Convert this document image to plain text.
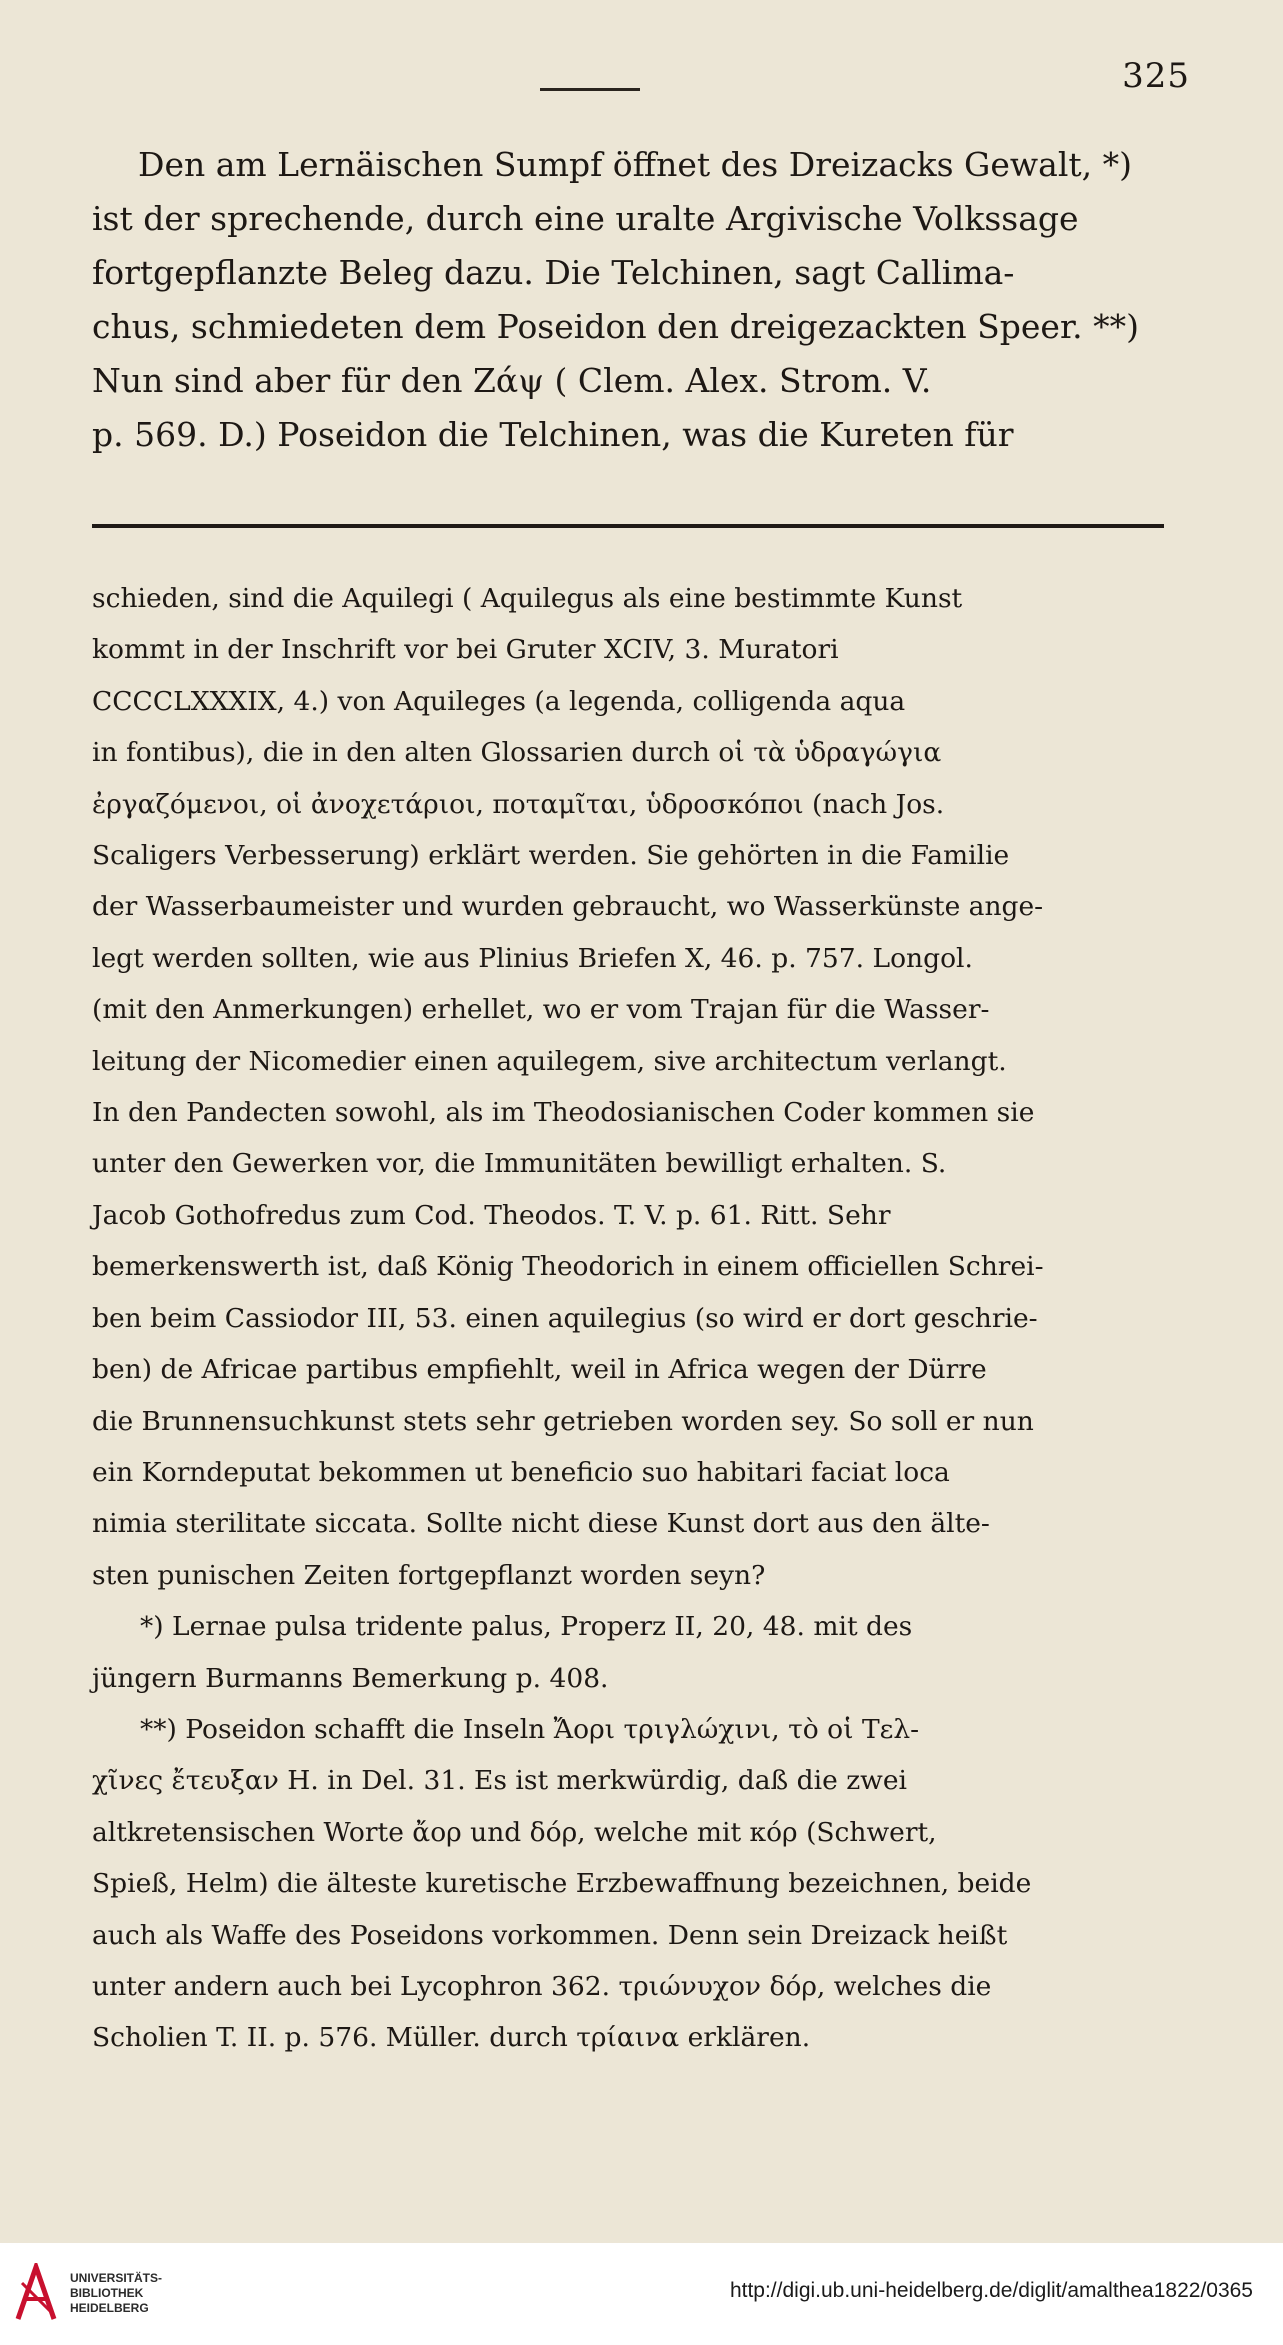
325
Den am Lernäischen Sumpf öffnet des Dreizacks Gewalt, *)
ist der sprechende, durch eine uralte Argivische Volkssage
fortgepflanzte Beleg dazu. Die Telchinen, sagt Callima-
chus, schmiedeten dem Poseidon den dreigezackten Speer. **)
Nun sind aber für den Ζάψ ( Clem. Alex. Strom. V.
p. 569. D.) Poseidon die Telchinen, was die Kureten für
schieden, sind die Aquilegi ( Aquilegus als eine bestimmte Kunst
kommt in der Inschrift vor bei Gruter XCIV, 3. Muratori
CCCCLXXXIX, 4.) von Aquileges (a legenda, colligenda aqua
in fontibus), die in den alten Glossarien durch οἱ τὰ ὑδραγώγια
ἐργαζόμενοι, οἱ ἀνοχετάριοι, ποταμῖται, ὑδροσκόποι (nach Jos.
Scaligers Verbesserung) erklärt werden. Sie gehörten in die Familie
der Wasserbaumeister und wurden gebraucht, wo Wasserkünste ange-
legt werden sollten, wie aus Plinius Briefen X, 46. p. 757. Longol.
(mit den Anmerkungen) erhellet, wo er vom Trajan für die Wasser-
leitung der Nicomedier einen aquilegem, sive architectum verlangt.
In den Pandecten sowohl, als im Theodosianischen Coder kommen sie
unter den Gewerken vor, die Immunitäten bewilligt erhalten. S.
Jacob Gothofredus zum Cod. Theodos. T. V. p. 61. Ritt. Sehr
bemerkenswerth ist, daß König Theodorich in einem officiellen Schrei-
ben beim Cassiodor III, 53. einen aquilegius (so wird er dort geschrie-
ben) de Africae partibus empfiehlt, weil in Africa wegen der Dürre
die Brunnensuchkunst stets sehr getrieben worden sey. So soll er nun
ein Korndeputat bekommen ut beneficio suo habitari faciat loca
nimia sterilitate siccata. Sollte nicht diese Kunst dort aus den älte-
sten punischen Zeiten fortgepflanzt worden seyn?
*) Lernae pulsa tridente palus, Properz II, 20, 48. mit des
jüngern Burmanns Bemerkung p. 408.
**) Poseidon schafft die Inseln Ἄορι τριγλώχινι, τὸ οἱ Τελ-
χῖνες ἔτευξαν H. in Del. 31. Es ist merkwürdig, daß die zwei
altkretensischen Worte ἄορ und δόρ, welche mit κόρ (Schwert,
Spieß, Helm) die älteste kuretische Erzbewaffnung bezeichnen, beide
auch als Waffe des Poseidons vorkommen. Denn sein Dreizack heißt
unter andern auch bei Lycophron 362. τριώνυχον δόρ, welches die
Scholien T. II. p. 576. Müller. durch τρίαινα erklären.
UNIVERSITÄTS-
BIBLIOTHEK
HEIDELBERG
http://digi.ub.uni-heidelberg.de/diglit/amalthea1822/0365
